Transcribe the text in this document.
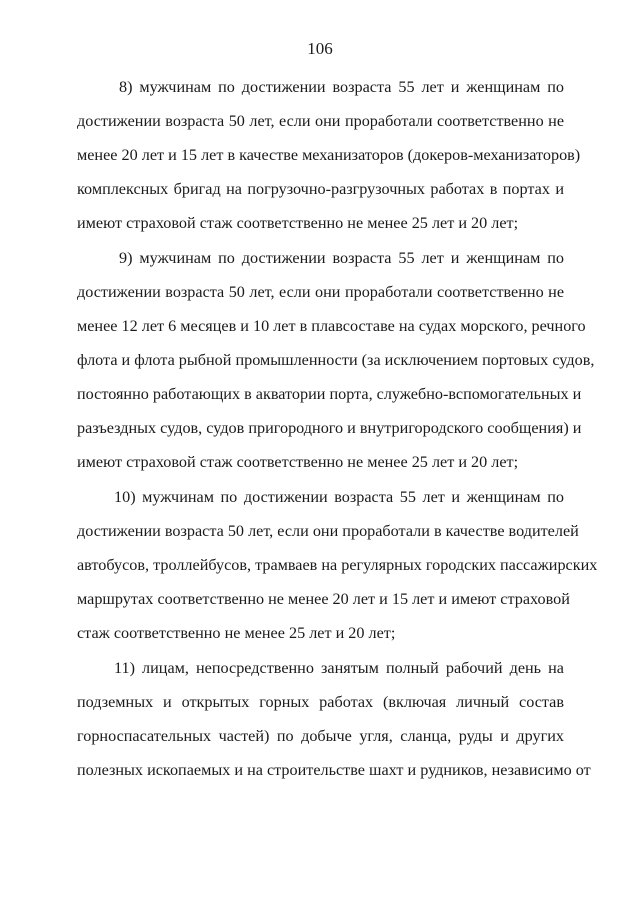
106
8) мужчинам по достижении возраста 55 лет и женщинам по
достижении возраста 50 лет, если они проработали соответственно не
менее 20 лет и 15 лет в качестве механизаторов (докеров-механизаторов)
комплексных бригад на погрузочно-разгрузочных работах в портах и
имеют страховой стаж соответственно не менее 25 лет и 20 лет;
9) мужчинам по достижении возраста 55 лет и женщинам по
достижении возраста 50 лет, если они проработали соответственно не
менее 12 лет 6 месяцев и 10 лет в плавсоставе на судах морского, речного
флота и флота рыбной промышленности (за исключением портовых судов,
постоянно работающих в акватории порта, служебно-вспомогательных и
разъездных судов, судов пригородного и внутригородского сообщения) и
имеют страховой стаж соответственно не менее 25 лет и 20 лет;
10) мужчинам по достижении возраста 55 лет и женщинам по
достижении возраста 50 лет, если они проработали в качестве водителей
автобусов, троллейбусов, трамваев на регулярных городских пассажирских
маршрутах соответственно не менее 20 лет и 15 лет и имеют страховой
стаж соответственно не менее 25 лет и 20 лет;
11) лицам, непосредственно занятым полный рабочий день на
подземных и открытых горных работах (включая личный состав
горноспасательных частей) по добыче угля, сланца, руды и других
полезных ископаемых и на строительстве шахт и рудников, независимо от
